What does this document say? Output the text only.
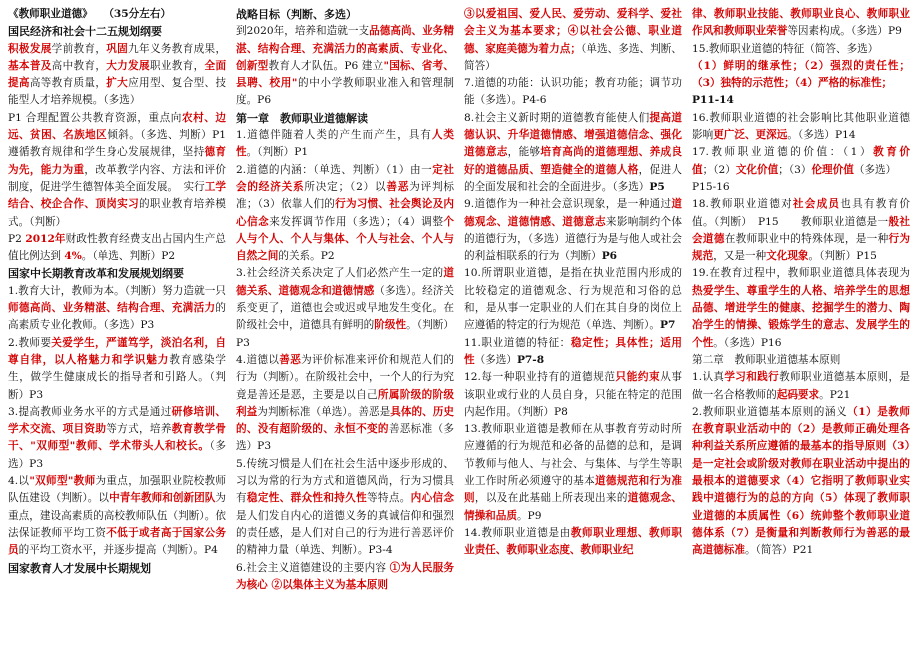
《教师职业道德》　　（35分左右）

国民经济和社会十二五规划纲要

积极发展学前教育，巩固九年义务教育成果，基本普及高中教育，大力发展职业教育，全面提高高等教育质量，扩大应用型、复合型、技能型人才培养规模。（多选）

P1 合理配置公共教育资源，重点向农村、边远、贫困、名族地区倾斜。（多选、判断）P1 遵循教育规律和学生身心发展规律，坚持德育为先，能力为重，改革教学内容、方法和评价制度，促进学生德智体美全面发展。　实行工学结合、校企合作、顶岗实习的职业教育培养模式。（判断）

P2 2012年财政性教育经费支出占国内生产总值比例达到 4%。（单选、判断）P2

国家中长期教育改革和发展规划纲要

1.教育大计，教师为本。（判断）努力造就一只师德高尚、业务精湛、结构合理、充满活力的高素质专业化教师。（多选）P3

2.教师要关爱学生，严谨笃学，淡泊名利，自尊自律，以人格魅力和学识魅力教育感染学生，做学生健康成长的指导者和引路人。（判断）P3

3.提高教师业务水平的方式是通过研修培训、学术交流、项目资助等方式，培养教育教学骨干、"双师型"教师、学术带头人和校长。（多选）P3

4.以"双师型"教师为重点，加强职业院校教师队伍建设（判断）。以中青年教师和创新团队为重点，建设高素质的高校教师队伍（判断）。依法保证教师平均工资不低于或者高于国家公务员的平均工资水平，并逐步提高（判断）。P4

国家教育人才发展中长期规划

战略目标（判断、多选）

到2020年，培养和造就一支品德高尚、业务精湛、结构合理、充满活力的高素质、专业化、创新型教育人才队伍。P6 建立"国标、省考、县聘、校用"的中小学教师职业准入和管理制度。P6

第一章　教师职业道德解读

1.道德伴随着人类的产生而产生，具有人类性。（判断）P1

2.道德的内涵：（单选、判断）（1）由一定社会的经济关系所决定；（2）以善恶为评判标准；（3）依靠人们的行为习惯、社会舆论及内心信念来发挥调节作用（多选）；（4）调整个人与个人、个人与集体、个人与社会、个人与自然之间的关系。P2

3.社会经济关系决定了人们必然产生一定的道德关系、道德观念和道德情感（多选）。经济关系变更了，道德也会或迟或早地发生变化。在阶级社会中，道德具有鲜明的阶级性。（判断）P3

4.道德以善恶为评价标准来评价和规范人们的行为（判断）。在阶级社会中，一个人的行为究竟是善还是恶，主要是以自己所属阶级的阶级利益为判断标准（单选）。善恶是具体的、历史的、没有超阶级的、永恒不变的善恶标准（多选）P3

5.传统习惯是人们在社会生活中逐步形成的、习以为常的行为方式和道德风尚，行为习惯具有稳定性、群众性和持久性等特点。内心信念是人们发自内心的道德义务的真诚信仰和强烈的责任感，是人们对自己的行为进行善恶评价的精神力量（单选、判断）。P3-4

6.社会主义道德建设的主要内容 ①为人民服务为核心 ②以集体主义为基本原则

③以爱祖国、爱人民、爱劳动、爱科学、爱社会主义为基本要求；④以社会公德、职业道德、家庭美德为着力点；（单选、多选、判断、简答）

7.道德的功能：认识功能；教育功能；调节功能（多选）。P4-6

8.社会主义新时期的道德教育能使人们提高道德认识、升华道德情感、增强道德信念、强化道德意志，能够培育高尚的道德理想、养成良好的道德品质、塑造健全的道德人格，促进人的全面发展和社会的全面进步。（多选）P5

9.道德作为一种社会意识现象，是一种通过道德观念、道德情感、道德意志来影响制约个体的道德行为，（多选）道德行为是与他人或社会的利益相联系的行为（判断）P6

10.所谓职业道德，是指在执业范围内形成的比较稳定的道德观念、行为规范和习俗的总和，是从事一定职业的人们在其自身的岗位上应遵循的特定的行为规范（单选、判断）。P7

11.职业道德的特征：稳定性；具体性；适用性（多选）P7-8

12.每一种职业持有的道德规范只能约束从事该职业或行业的人员自身，只能在特定的范围内起作用。（判断）P8

13.教师职业道德是教师在从事教育劳动时所应遵循的行为规范和必备的品德的总和，是调节教师与他人、与社会、与集体、与学生等职业工作时所必须遵守的基本道德规范和行为准则，以及在此基础上所表现出来的道德观念、情操和品质。P9

14.教师职业道德是由教师职业理想、教师职业责任、教师职业态度、教师职业纪

律、教师职业技能、教师职业良心、教师职业作风和教师职业荣誉等因素构成。（多选）P9

15.教师职业道德的特征（简答、多选）

（1）鲜明的继承性；（2）强烈的责任性；（3）独特的示范性；（4）严格的标准性；

P11-14

16.教师职业道德的社会影响比其他职业道德影响更广泛、更深远。（多选）P14

17.教师职业道德的价值：（1）教育价值；（2）文化价值；（3）伦理价值（多选）

P15-16

18.教师职业道德对社会成员也具有教育价值。（判断）　P15　　教师职业道德是一般社会道德在教师职业中的特殊体现，是一种行为规范，又是一种文化现象。（判断）P15

19.在教育过程中，教师职业道德具体表现为热爱学生、尊重学生的人格、培养学生的思想品德、增进学生的健康、挖掘学生的潜力、陶冶学生的情操、锻炼学生的意志、发展学生的个性。（多选）P16

第二章　教师职业道德基本原则

1.认真学习和践行教师职业道德基本原则，是做一名合格教师的起码要求。P21

2.教师职业道德基本原则的涵义（1）是教师在教育职业活动中的（2）是教师正确处理各种利益关系所应遵循的最基本的指导原则（3）是一定社会或阶级对教师在职业活动中提出的最根本的道德要求（4）它指明了教师职业实践中道德行为的总的方向（5）体现了教师职业道德的本质属性（6）统帅整个教师职业道德体系（7）是衡量和判断教师行为善恶的最高道德标准。（简答）P21
